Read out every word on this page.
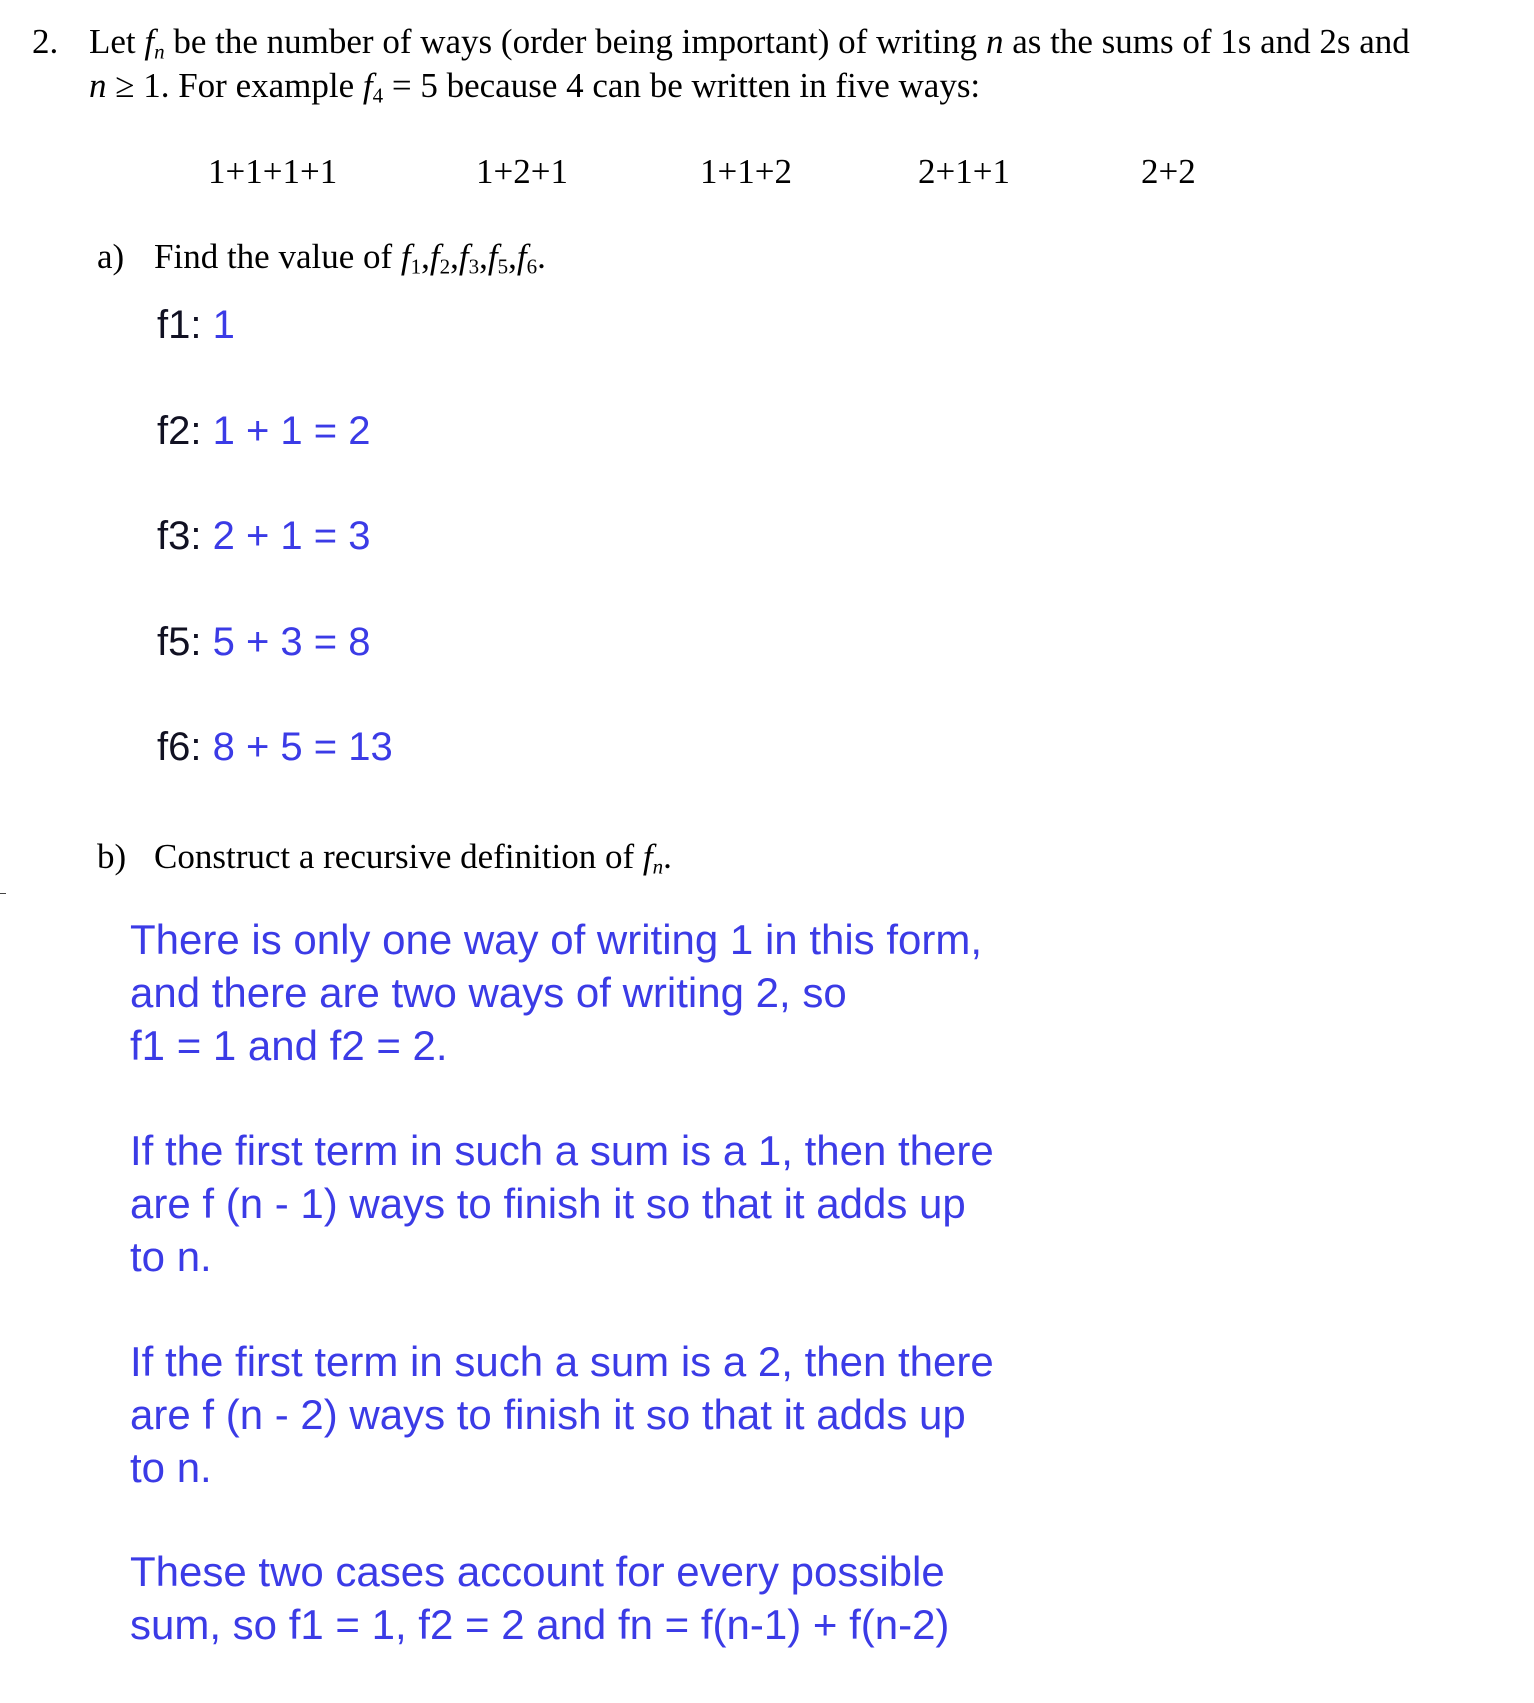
2. Let $f_n$ be the number of ways (order being important) of writing n as the sums of 1s and 2s and
n ≥ 1. For example $f_4 = 5$ because 4 can be written in five ways:
1+1+1+1	1+2+1	1+1+2	2+1+1	2+2
a) Find the value of $f_1,f_2,f_3,f_5,f_6$.
f1: 1
f2: 1 + 1 = 2
f3: 2 + 1 = 3
f5: 5 + 3 = 8
f6: 8 + 5 = 13
b) Construct a recursive definition of $f_n$.

There is only one way of writing 1 in this form,

and there are two ways of writing 2, so

f1 = 1 and f2 = 2.

If the first term in such a sum is a 1, then there

are f (n - 1) ways to finish it so that it adds up

to n.

If the first term in such a sum is a 2, then there

are f (n - 2) ways to finish it so that it adds up

to n.

These two cases account for every possible

sum, so f1 = 1, f2 = 2 and fn = f(n-1) + f(n-2)
